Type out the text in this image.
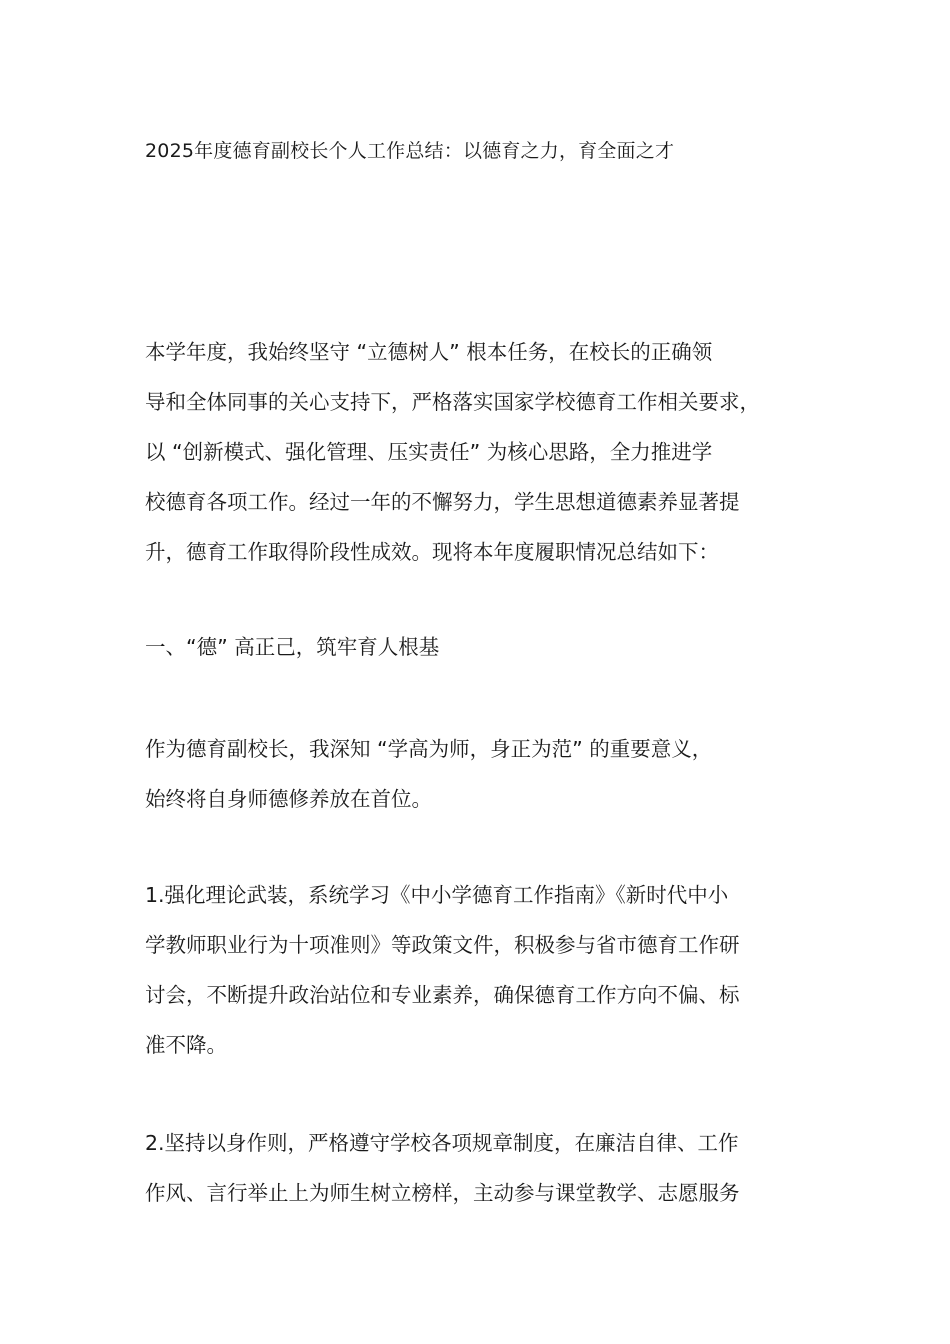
2025年度德育副校长个人工作总结：以德育之力，育全面之才

本学年度，我始终坚守 “立德树人” 根本任务，在校长的正确领
导和全体同事的关心支持下，严格落实国家学校德育工作相关要求，
以 “创新模式、强化管理、压实责任” 为核心思路，全力推进学
校德育各项工作。经过一年的不懈努力，学生思想道德素养显著提
升，德育工作取得阶段性成效。现将本年度履职情况总结如下：

一、“德” 高正己，筑牢育人根基

作为德育副校长，我深知 “学高为师，身正为范” 的重要意义，
始终将自身师德修养放在首位。

1.强化理论武装，系统学习《中小学德育工作指南》《新时代中小
学教师职业行为十项准则》等政策文件，积极参与省市德育工作研
讨会，不断提升政治站位和专业素养，确保德育工作方向不偏、标
准不降。

2.坚持以身作则，严格遵守学校各项规章制度，在廉洁自律、工作
作风、言行举止上为师生树立榜样，主动参与课堂教学、志愿服务
